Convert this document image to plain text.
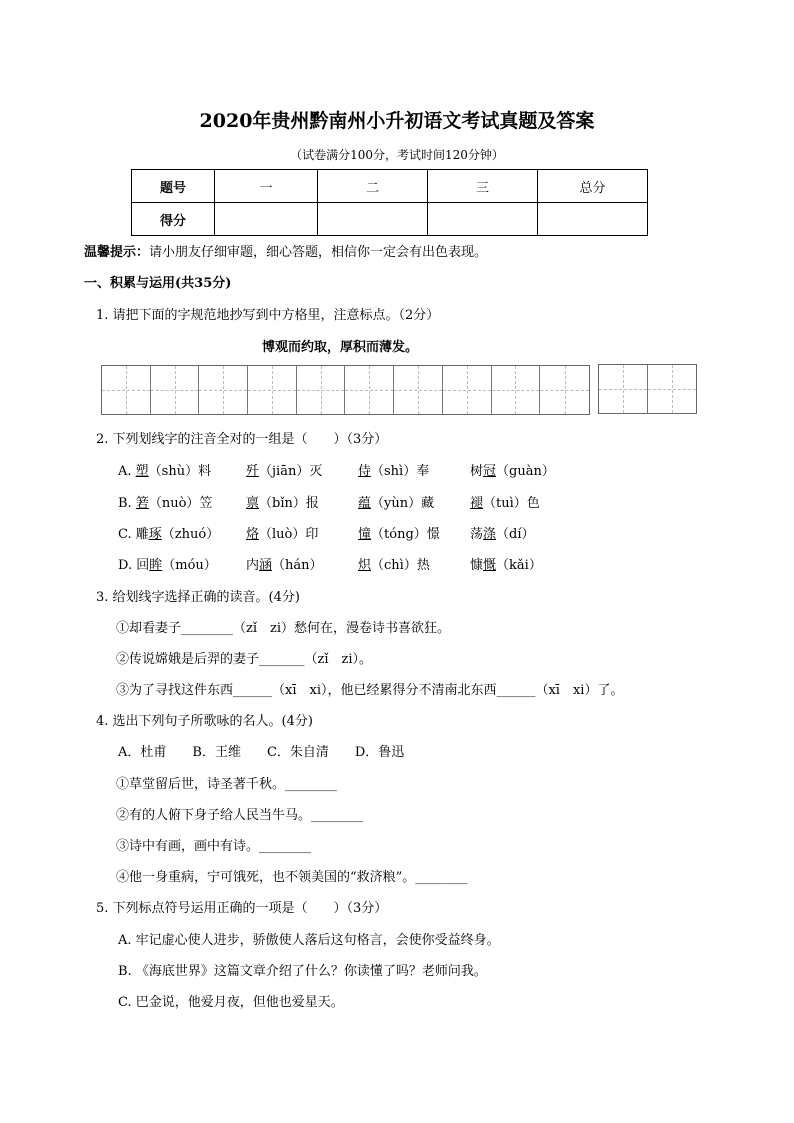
2020年贵州黔南州小升初语文考试真题及答案
（试卷满分100分，考试时间120分钟）
题号	一	二	三	总分
得分				
温馨提示：请小朋友仔细审题，细心答题，相信你一定会有出色表现。
一、积累与运用(共35分)
1. 请把下面的字规范地抄写到中方格里，注意标点。（2分）
博观而约取，厚积而薄发。
2. 下列划线字的注音全对的一组是（　　）（3分）
A. 塑（shù）料	歼（jiān）灭	侍（shì）奉	树冠（guàn）
B. 箬（nuò）笠	禀（bǐn）报	蕴（yùn）藏	褪（tuì）色
C. 雕琢（zhuó） 烙（luò）印	憧（tóng）憬 荡涤（dí）
D. 回眸（móu） 内涵（hán）	炽（chì）热	慷慨（kǎi）
3. 给划线字选择正确的读音。(4分)
①却看妻子________（zǐ　zi）愁何在，漫卷诗书喜欲狂。
②传说嫦娥是后羿的妻子_______（zǐ　zi）。
③为了寻找这件东西______（xī　xi），他已经累得分不清南北东西______（xī　xi）了。
4. 选出下列句子所歌咏的名人。(4分)
A．杜甫　　B．王维　　C．朱自清　　D．鲁迅
①草堂留后世，诗圣著千秋。________
②有的人俯下身子给人民当牛马。________
③诗中有画，画中有诗。________
④他一身重病，宁可饿死，也不领美国的“救济粮”。________
5. 下列标点符号运用正确的一项是（　　）（3分）
A. 牢记虚心使人进步，骄傲使人落后这句格言，会使你受益终身。
B. 《海底世界》这篇文章介绍了什么？你读懂了吗？老师问我。
C. 巴金说，他爱月夜，但他也爱星天。
